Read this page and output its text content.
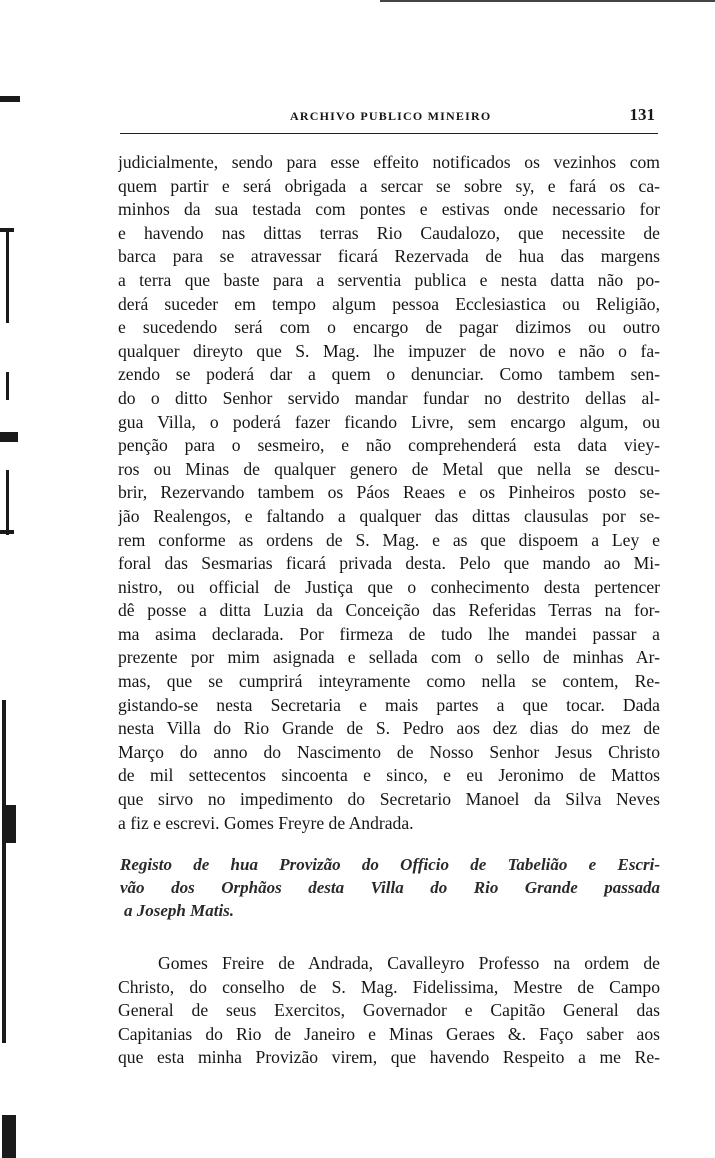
ARCHIVO PUBLICO MINEIRO	131
judicialmente, sendo para esse effeito notificados os vezinhos com
quem partir e será obrigada a sercar se sobre sy, e fará os ca-
minhos da sua testada com pontes e estivas onde necessario for
e havendo nas dittas terras Rio Caudalozo, que necessite de
barca para se atravessar ficará Rezervada de hua das margens
a terra que baste para a serventia publica e nesta datta não po-
derá suceder em tempo algum pessoa Ecclesiastica ou Religião,
e sucedendo será com o encargo de pagar dizimos ou outro
qualquer direyto que S. Mag. lhe impuzer de novo e não o fa-
zendo se poderá dar a quem o denunciar. Como tambem sen-
do o ditto Senhor servido mandar fundar no destrito dellas al-
gua Villa, o poderá fazer ficando Livre, sem encargo algum, ou
penção para o sesmeiro, e não comprehenderá esta data viey-
ros ou Minas de qualquer genero de Metal que nella se descu-
brir, Rezervando tambem os Páos Reaes e os Pinheiros posto se-
jão Realengos, e faltando a qualquer das dittas clausulas por se-
rem conforme as ordens de S. Mag. e as que dispoem a Ley e
foral das Sesmarias ficará privada desta. Pelo que mando ao Mi-
nistro, ou official de Justiça que o conhecimento desta pertencer
dê posse a ditta Luzia da Conceição das Referidas Terras na for-
ma asima declarada. Por firmeza de tudo lhe mandei passar a
prezente por mim asignada e sellada com o sello de minhas Ar-
mas, que se cumprirá inteyramente como nella se contem, Re-
gistando-se nesta Secretaria e mais partes a que tocar. Dada
nesta Villa do Rio Grande de S. Pedro aos dez dias do mez de
Março do anno do Nascimento de Nosso Senhor Jesus Christo
de mil settecentos sincoenta e sinco, e eu Jeronimo de Mattos
que sirvo no impedimento do Secretario Manoel da Silva Neves
a fiz e escrevi. Gomes Freyre de Andrada.
Registo de hua Provizão do Officio de Tabelião e Escri-
vão dos Orphãos desta Villa do Rio Grande passada
a Joseph Matis.
Gomes Freire de Andrada, Cavalleyro Professo na ordem de
Christo, do conselho de S. Mag. Fidelissima, Mestre de Campo
General de seus Exercitos, Governador e Capitão General das
Capitanias do Rio de Janeiro e Minas Geraes &. Faço saber aos
que esta minha Provizão virem, que havendo Respeito a me Re-
